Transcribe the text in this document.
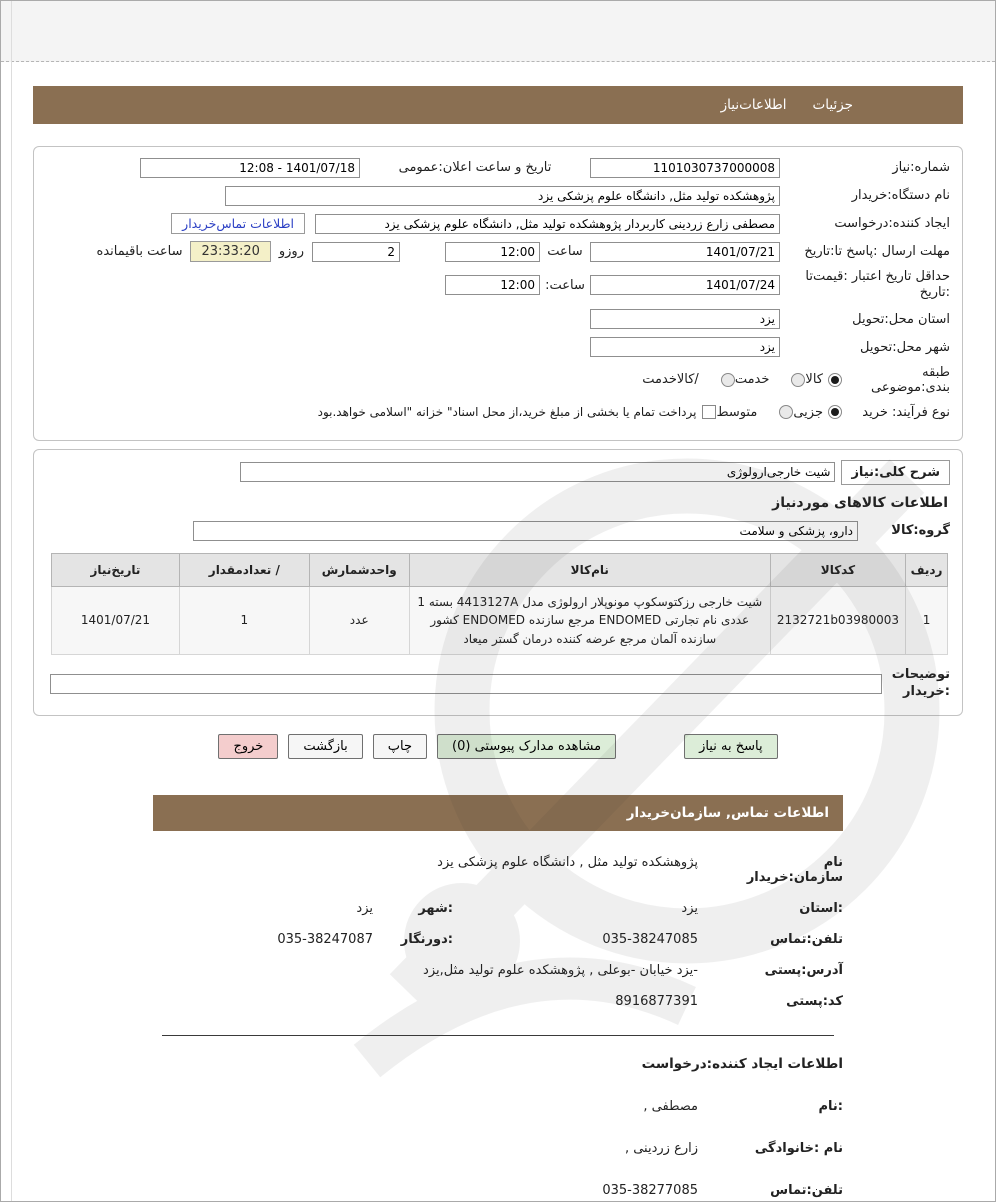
جزئیات
اطلاعات‌نیاز
شماره:نیاز
1101030737000008
تاریخ و ساعت اعلان:عمومی
1401/07/18 - 12:08
نام دستگاه:خریدار
پژوهشکده تولید مثل, دانشگاه علوم پزشکی یزد
ایجاد کننده:درخواست
مصطفی زارع زردینی کاربردار پژوهشکده تولید مثل, دانشگاه علوم پزشکی یزد
اطلاعات تماس‌خریدار
مهلت ارسال :پاسخ تا:تاریخ
1401/07/21
ساعت
12:00
2
روزو
23:33:20
ساعت باقیمانده
حداقل تاریخ اعتبار :قیمت‌تا
:تاریخ
1401/07/24
ساعت:
12:00
استان محل:تحویل
یزد
شهر محل:تحویل
یزد
طبقه بندی:موضوعی
کالا
خدمت
/کالاخدمت
نوع فرآیند: خرید
جزیی
متوسط
پرداخت تمام یا بخشی از مبلغ خرید،از محل اسناد" خزانه "اسلامی خواهد.بود
شرح کلی:نیاز
شیت خارجی‌ارولوژی
اطلاعات کالاهای موردنیاز
گروه:کالا
دارو، پزشکی و سلامت
ردیف	کدکالا	نام‌کالا	واحدشمارش	/ تعدادمقدار	تاریخ‌نیاز
1	2132721b03980003	شیت خارجی رزکتوسکوپ مونوپلار ارولوژی مدل 4413127A بسته 1 عددی نام تجارتی ENDOMED مرجع سازنده ENDOMED کشور سازنده آلمان مرجع عرضه کننده درمان گستر میعاد	عدد	1	1401/07/21
توضیحات
:خریدار
پاسخ به نیاز
مشاهده مدارک پیوستی (0)
چاپ
بازگشت
خروج
اطلاعات تماس, سازمان‌خریدار
نام سازمان:خریدار
پژوهشکده تولید مثل , دانشگاه علوم پزشکی یزد
:استان
یزد
:شهر
یزد
تلفن:تماس
035-38247085
:دورنگار
035-38247087
آدرس:پستی
-یزد خیابان -بوعلی , پژوهشکده علوم تولید مثل,یزد
کد:پستی
8916877391
اطلاعات ایجاد کننده:درخواست
:نام
مصطفی ,
نام :خانوادگی
زارع زردینی ,
تلفن:تماس
035-38277085
